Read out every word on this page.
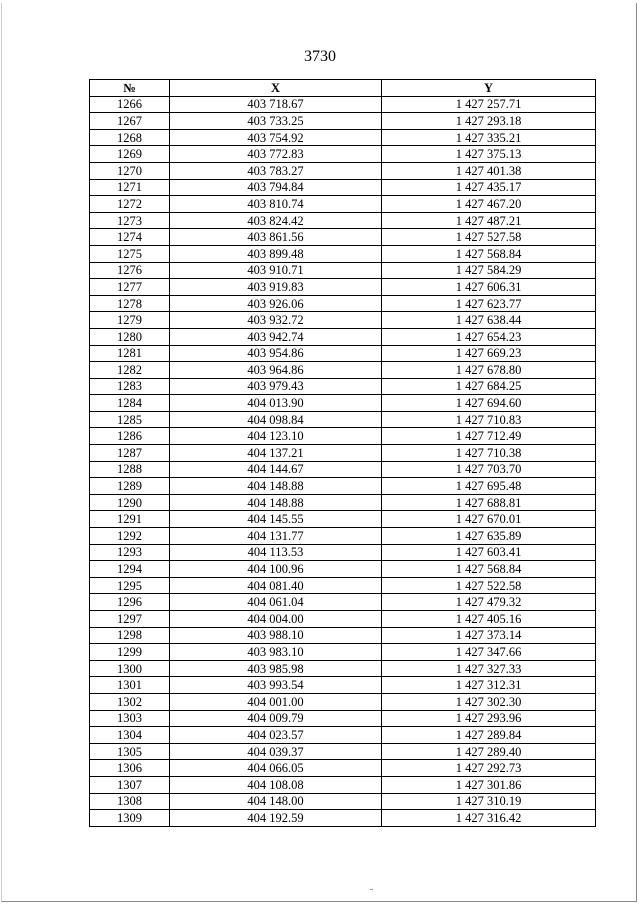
3730
№	X	Y
1266	403 718.67	1 427 257.71
1267	403 733.25	1 427 293.18
1268	403 754.92	1 427 335.21
1269	403 772.83	1 427 375.13
1270	403 783.27	1 427 401.38
1271	403 794.84	1 427 435.17
1272	403 810.74	1 427 467.20
1273	403 824.42	1 427 487.21
1274	403 861.56	1 427 527.58
1275	403 899.48	1 427 568.84
1276	403 910.71	1 427 584.29
1277	403 919.83	1 427 606.31
1278	403 926.06	1 427 623.77
1279	403 932.72	1 427 638.44
1280	403 942.74	1 427 654.23
1281	403 954.86	1 427 669.23
1282	403 964.86	1 427 678.80
1283	403 979.43	1 427 684.25
1284	404 013.90	1 427 694.60
1285	404 098.84	1 427 710.83
1286	404 123.10	1 427 712.49
1287	404 137.21	1 427 710.38
1288	404 144.67	1 427 703.70
1289	404 148.88	1 427 695.48
1290	404 148.88	1 427 688.81
1291	404 145.55	1 427 670.01
1292	404 131.77	1 427 635.89
1293	404 113.53	1 427 603.41
1294	404 100.96	1 427 568.84
1295	404 081.40	1 427 522.58
1296	404 061.04	1 427 479.32
1297	404 004.00	1 427 405.16
1298	403 988.10	1 427 373.14
1299	403 983.10	1 427 347.66
1300	403 985.98	1 427 327.33
1301	403 993.54	1 427 312.31
1302	404 001.00	1 427 302.30
1303	404 009.79	1 427 293.96
1304	404 023.57	1 427 289.84
1305	404 039.37	1 427 289.40
1306	404 066.05	1 427 292.73
1307	404 108.08	1 427 301.86
1308	404 148.00	1 427 310.19
1309	404 192.59	1 427 316.42
